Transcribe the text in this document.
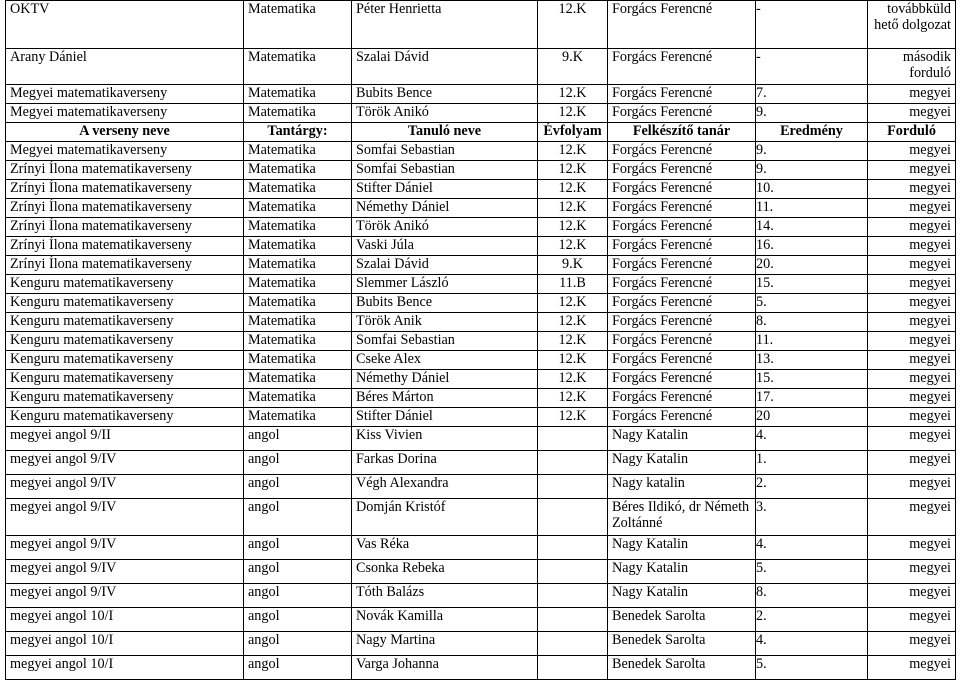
OKTV	Matematika	Péter Henrietta	12.K	Forgács Ferencné	-	továbbküld hető dolgozat
Arany Dániel	Matematika	Szalai Dávid	9.K	Forgács Ferencné	-	második forduló
Megyei matematikaverseny	Matematika	Bubits Bence	12.K	Forgács Ferencné	7.	megyei
Megyei matematikaverseny	Matematika	Török Anikó	12.K	Forgács Ferencné	9.	megyei
A verseny neve	Tantárgy:	Tanuló neve	Évfolyam	Felkészítő tanár	Eredmény	Forduló
Megyei matematikaverseny	Matematika	Somfai Sebastian	12.K	Forgács Ferencné	9.	megyei
Zrínyi Ílona matematikaverseny	Matematika	Somfai Sebastian	12.K	Forgács Ferencné	9.	megyei
Zrínyi Ílona matematikaverseny	Matematika	Stifter Dániel	12.K	Forgács Ferencné	10.	megyei
Zrínyi Ílona matematikaverseny	Matematika	Némethy Dániel	12.K	Forgács Ferencné	11.	megyei
Zrínyi Ílona matematikaverseny	Matematika	Török Anikó	12.K	Forgács Ferencné	14.	megyei
Zrínyi Ílona matematikaverseny	Matematika	Vaski Júla	12.K	Forgács Ferencné	16.	megyei
Zrínyi Ílona matematikaverseny	Matematika	Szalai Dávid	9.K	Forgács Ferencné	20.	megyei
Kenguru matematikaverseny	Matematika	Slemmer László	11.B	Forgács Ferencné	15.	megyei
Kenguru matematikaverseny	Matematika	Bubits Bence	12.K	Forgács Ferencné	5.	megyei
Kenguru matematikaverseny	Matematika	Török Anik	12.K	Forgács Ferencné	8.	megyei
Kenguru matematikaverseny	Matematika	Somfai Sebastian	12.K	Forgács Ferencné	11.	megyei
Kenguru matematikaverseny	Matematika	Cseke Alex	12.K	Forgács Ferencné	13.	megyei
Kenguru matematikaverseny	Matematika	Némethy Dániel	12.K	Forgács Ferencné	15.	megyei
Kenguru matematikaverseny	Matematika	Béres Márton	12.K	Forgács Ferencné	17.	megyei
Kenguru matematikaverseny	Matematika	Stifter Dániel	12.K	Forgács Ferencné	20	megyei
megyei angol 9/II	angol	Kiss Vivien		Nagy Katalin	4.	megyei
megyei angol 9/IV	angol	Farkas Dorina		Nagy Katalin	1.	megyei
megyei angol 9/IV	angol	Végh Alexandra		Nagy katalin	2.	megyei
megyei angol 9/IV	angol	Domján Kristóf		Béres Ildikó, dr Németh Zoltánné	3.	megyei
megyei angol 9/IV	angol	Vas Réka		Nagy Katalin	4.	megyei
megyei angol 9/IV	angol	Csonka Rebeka		Nagy Katalin	5.	megyei
megyei angol 9/IV	angol	Tóth Balázs		Nagy Katalin	8.	megyei
megyei angol 10/I	angol	Novák Kamilla		Benedek Sarolta	2.	megyei
megyei angol 10/I	angol	Nagy Martina		Benedek Sarolta	4.	megyei
megyei angol 10/I	angol	Varga Johanna		Benedek Sarolta	5.	megyei
